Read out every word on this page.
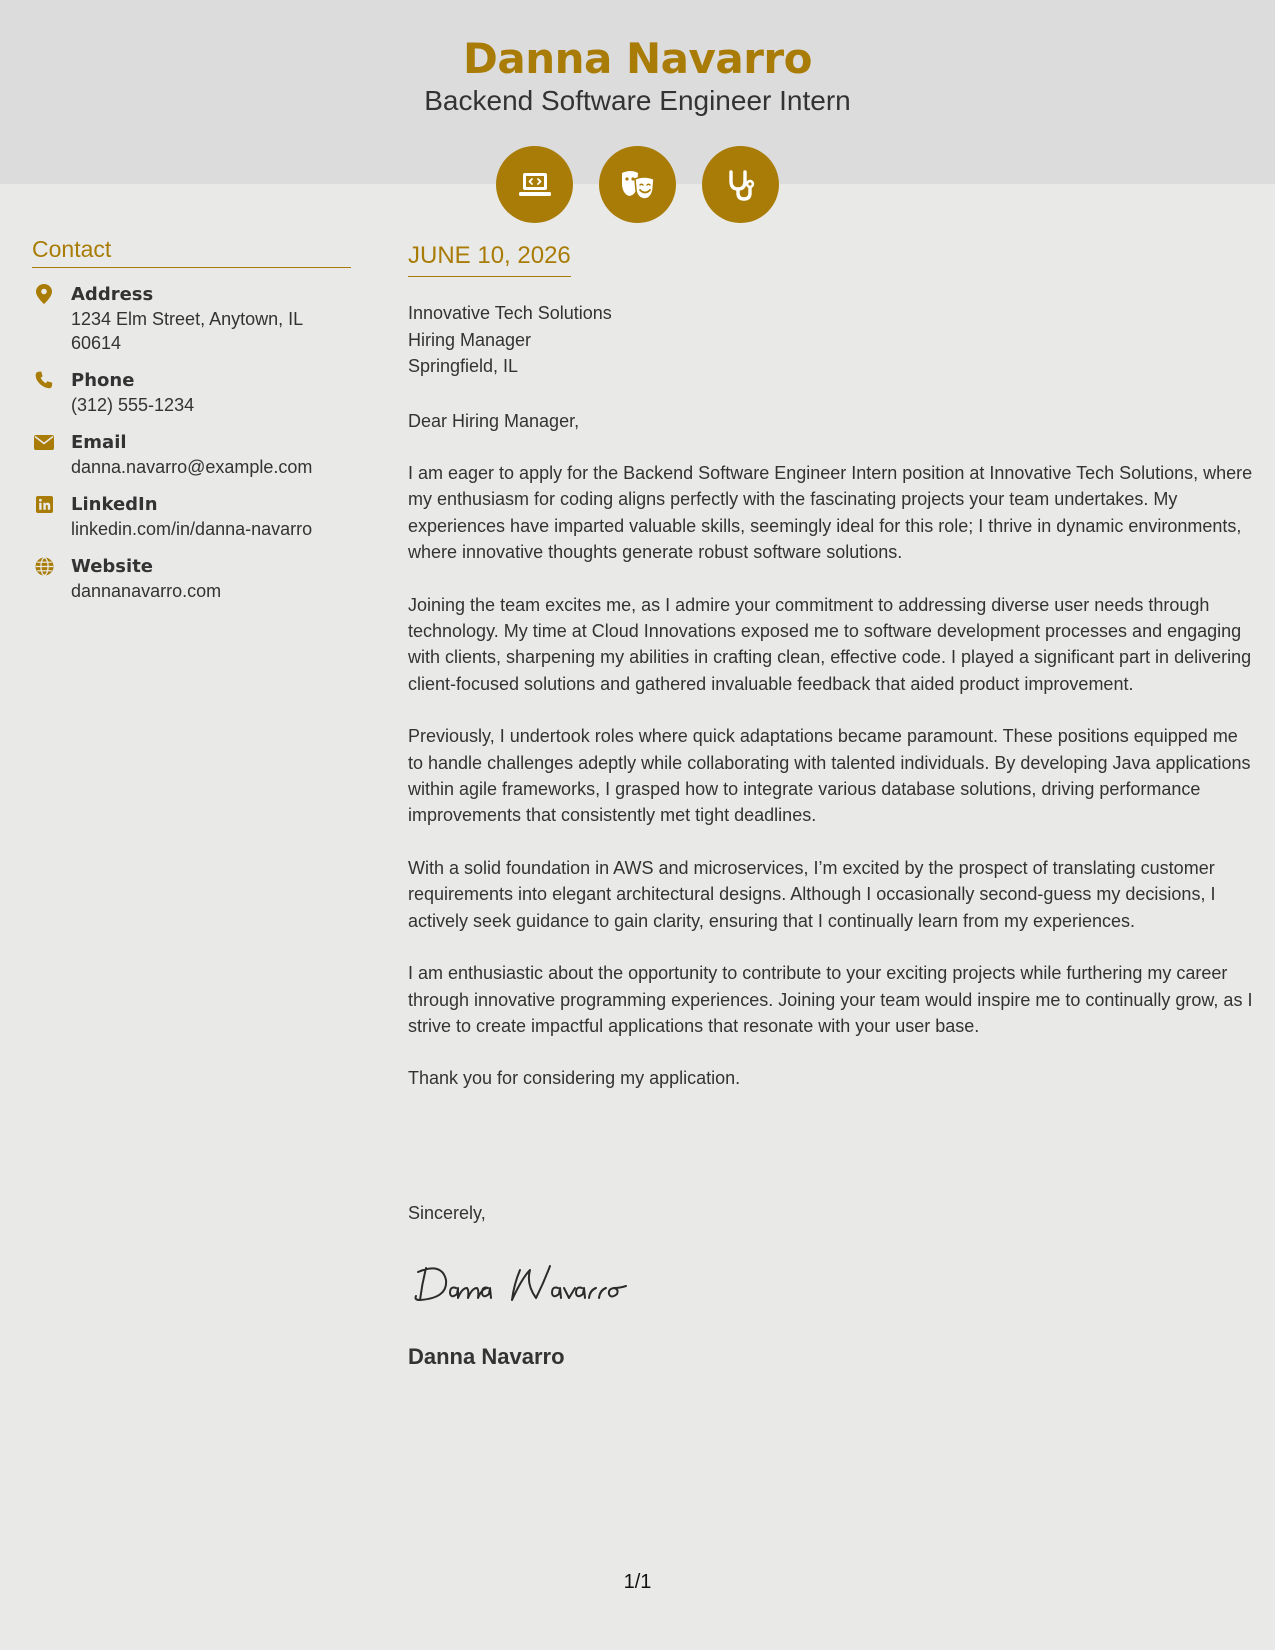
Danna Navarro
Backend Software Engineer Intern
Contact
Address
1234 Elm Street, Anytown, IL 60614
Phone
(312) 555-1234
Email
danna.navarro@example.com
LinkedIn
linkedin.com/in/danna-navarro
Website
dannanavarro.com
JUNE 10, 2026
Innovative Tech Solutions
Hiring Manager
Springfield, IL
Dear Hiring Manager,

I am eager to apply for the Backend Software Engineer Intern position at Innovative Tech Solutions, where my enthusiasm for coding aligns perfectly with the fascinating projects your team undertakes. My experiences have imparted valuable skills, seemingly ideal for this role; I thrive in dynamic environments, where innovative thoughts generate robust software solutions.

Joining the team excites me, as I admire your commitment to addressing diverse user needs through technology. My time at Cloud Innovations exposed me to software development processes and engaging with clients, sharpening my abilities in crafting clean, effective code. I played a significant part in delivering client-focused solutions and gathered invaluable feedback that aided product improvement.

Previously, I undertook roles where quick adaptations became paramount. These positions equipped me to handle challenges adeptly while collaborating with talented individuals. By developing Java applications within agile frameworks, I grasped how to integrate various database solutions, driving performance improvements that consistently met tight deadlines.

With a solid foundation in AWS and microservices, I’m excited by the prospect of translating customer requirements into elegant architectural designs. Although I occasionally second-guess my decisions, I actively seek guidance to gain clarity, ensuring that I continually learn from my experiences.

I am enthusiastic about the opportunity to contribute to your exciting projects while furthering my career through innovative programming experiences. Joining your team would inspire me to continually grow, as I strive to create impactful applications that resonate with your user base.

Thank you for considering my application.

Sincerely,
Danna Navarro
1/1
